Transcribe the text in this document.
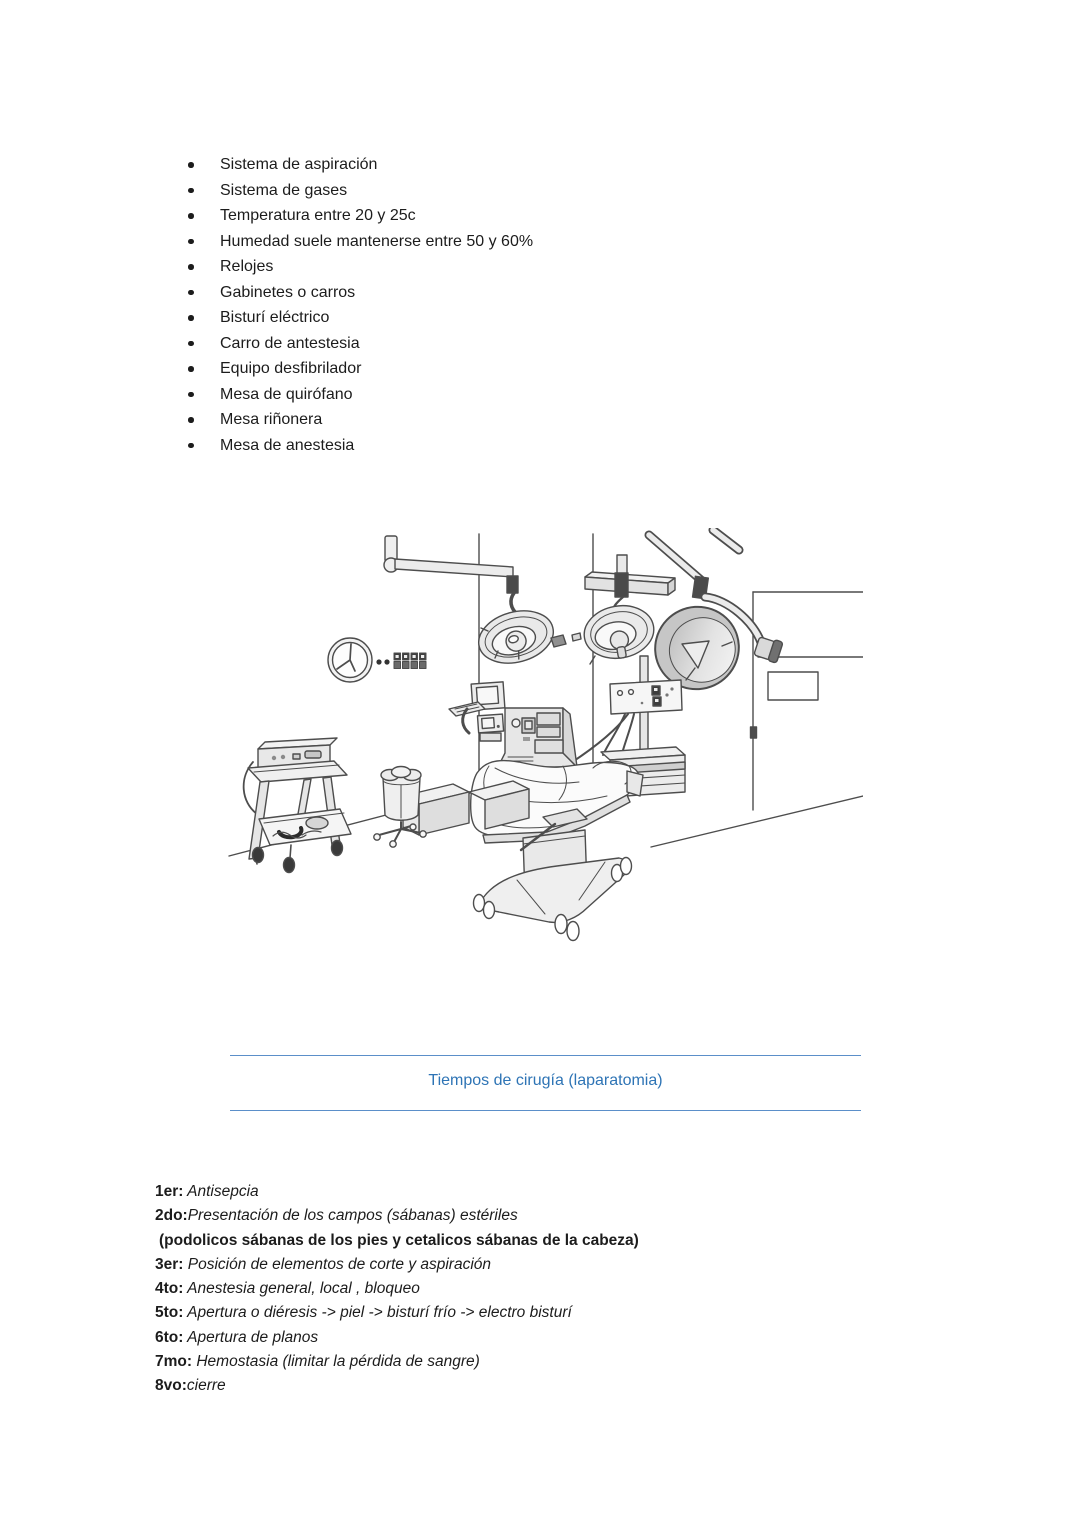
Sistema de aspiración
Sistema de gases
Temperatura entre 20 y 25c
Humedad suele mantenerse entre 50 y 60%
Relojes
Gabinetes o carros
Bisturí eléctrico
Carro de antestesia
Equipo desfibrilador
Mesa de quirófano
Mesa riñonera
Mesa de anestesia
Tiempos de cirugía (laparatomia)
1er: Antisepcia
2do:Presentación de los campos (sábanas) estériles
(podolicos sábanas de los pies y cetalicos sábanas de la cabeza)
3er: Posición de elementos de corte y aspiración
4to: Anestesia general, local , bloqueo
5to: Apertura o diéresis -> piel -> bisturí frío -> electro bisturí
6to: Apertura de planos
7mo: Hemostasia (limitar la pérdida de sangre)
8vo:cierre
